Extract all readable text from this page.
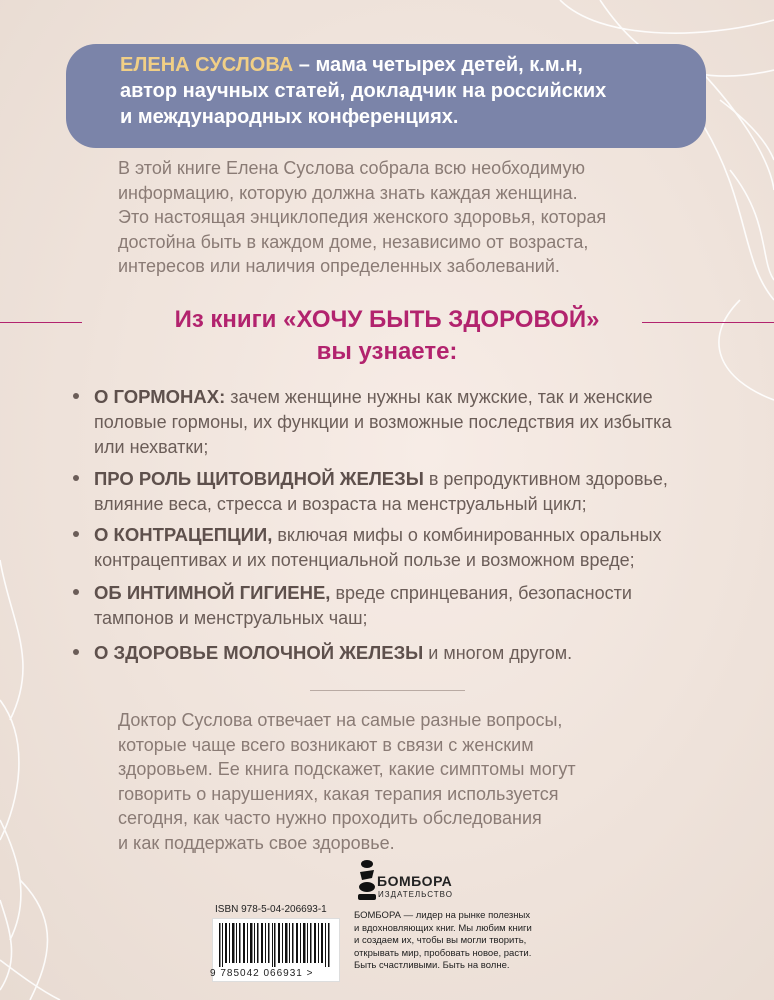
ЕЛЕНА СУСЛОВА – мама четырех детей, к.м.н,
автор научных статей, докладчик на российских
и международных конференциях.
В этой книге Елена Суслова собрала всю необходимую
информацию, которую должна знать каждая женщина.
Это настоящая энциклопедия женского здоровья, которая
достойна быть в каждом доме, независимо от возраста,
интересов или наличия определенных заболеваний.
Из книги «ХОЧУ БЫТЬ ЗДОРОВОЙ»
вы узнаете:
О ГОРМОНАХ: зачем женщине нужны как мужские, так и женские
половые гормоны, их функции и возможные последствия их избытка
или нехватки;
ПРО РОЛЬ ЩИТОВИДНОЙ ЖЕЛЕЗЫ в репродуктивном здоровье,
влияние веса, стресса и возраста на менструальный цикл;
О КОНТРАЦЕПЦИИ, включая мифы о комбинированных оральных
контрацептивах и их потенциальной пользе и возможном вреде;
ОБ ИНТИМНОЙ ГИГИЕНЕ, вреде спринцевания, безопасности
тампонов и менструальных чаш;
О ЗДОРОВЬЕ МОЛОЧНОЙ ЖЕЛЕЗЫ и многом другом.
Доктор Суслова отвечает на самые разные вопросы,
которые чаще всего возникают в связи с женским
здоровьем. Ее книга подскажет, какие симптомы могут
говорить о нарушениях, какая терапия используется
сегодня, как часто нужно проходить обследования
и как поддержать свое здоровье.
ISBN 978-5-04-206693-1
9 785042 066931 >
БОМБОРА
ИЗДАТЕЛЬСТВО
БОМБОРА — лидер на рынке полезных
и вдохновляющих книг. Мы любим книги
и создаем их, чтобы вы могли творить,
открывать мир, пробовать новое, расти.
Быть счастливыми. Быть на волне.
